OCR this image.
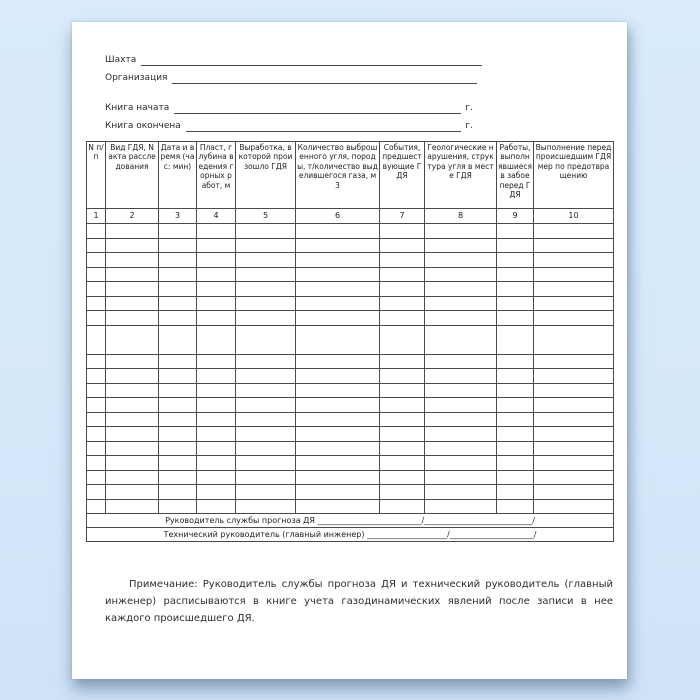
Шахта
Организация
Книга начата	г.
Книга окончена	г.
N п/п	Вид ГДЯ, N акта расследования	Дата и время (час: мин)	Пласт, глубина ведения горных работ, м	Выработка, в которой произошло ГДЯ	Количество выброшенного угля, породы, т/количество выделившегося газа, м3	События, предшествующие ГДЯ	Геологические нарушения, структура угля в месте ГДЯ	Работы, выполнявшиеся в забое перед ГДЯ	Выполнение перед происшедшим ГДЯ мер по предотвращению
1	2	3	4	5	6	7	8	9	10

Руководитель службы прогноза ДЯ __________________________/___________________________/									
Технический руководитель (главный инженер) ____________________/_____________________/									

Примечание: Руководитель службы прогноза ДЯ и технический руководитель (главный инженер) расписываются в книге учета газодинамических явлений после записи в нее каждого происшедшего ДЯ.
